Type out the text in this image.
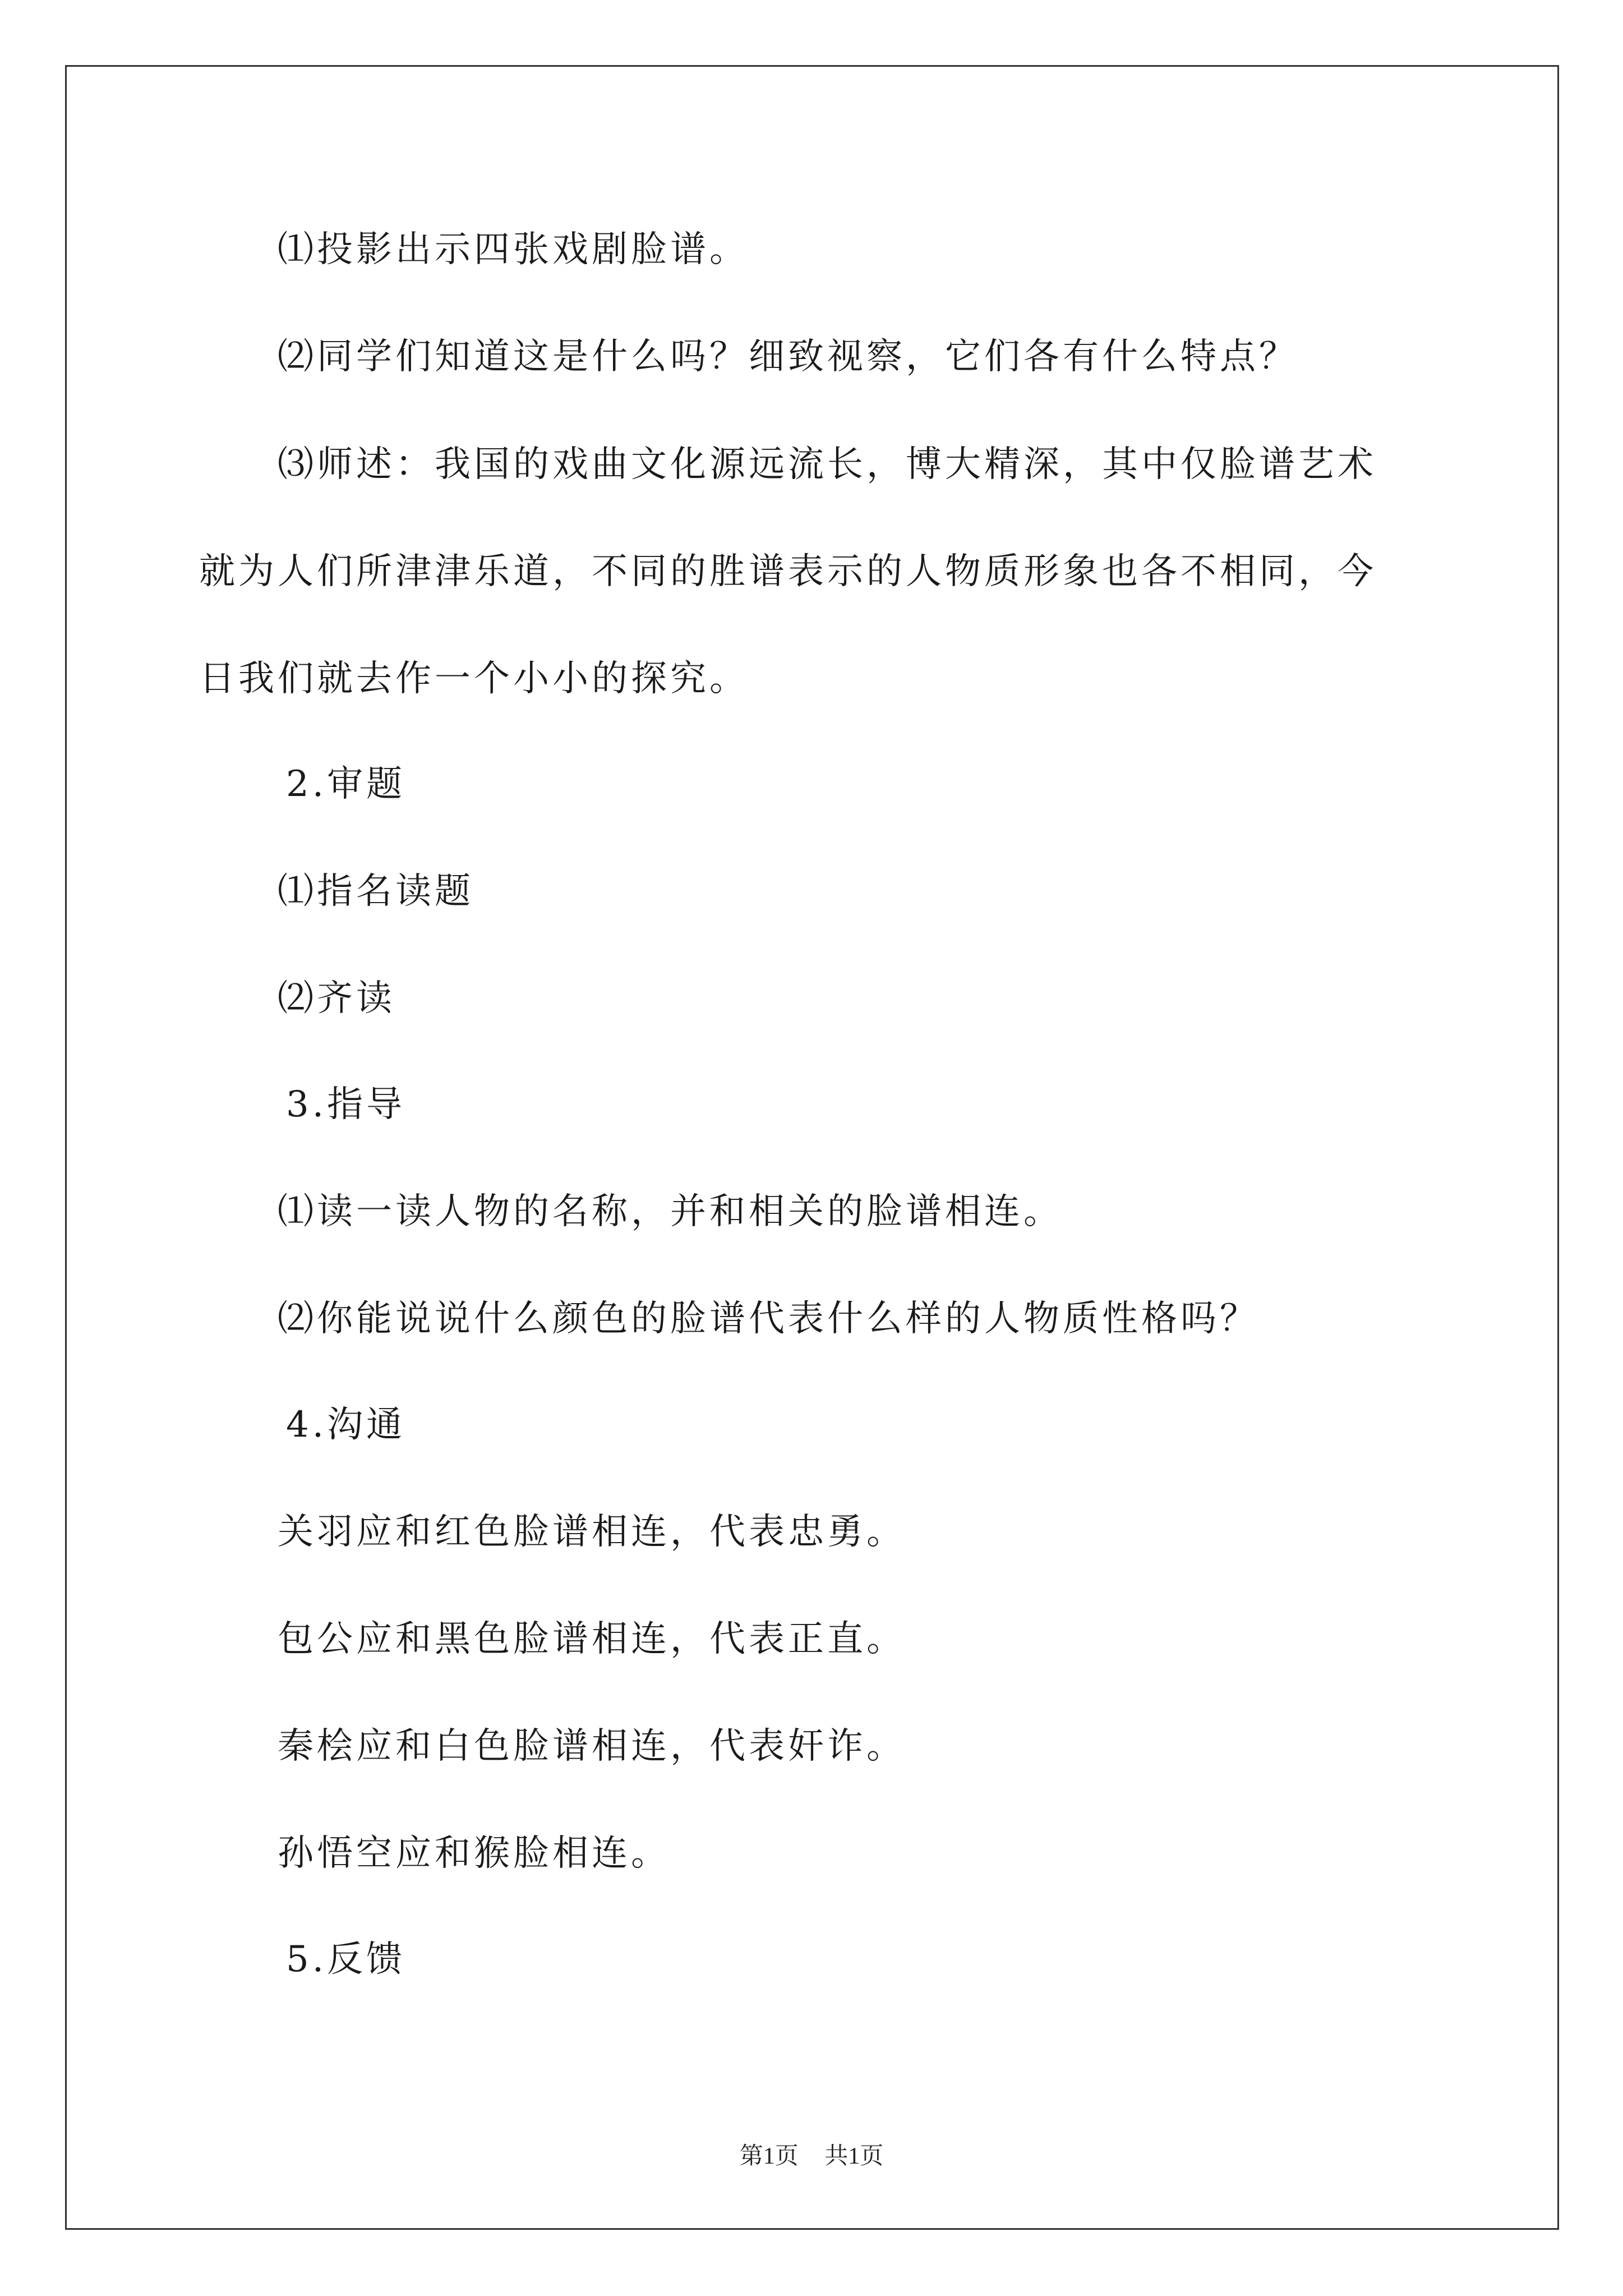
⑴投影出示四张戏剧脸谱。
⑵同学们知道这是什么吗？细致视察，它们各有什么特点？
⑶师述：我国的戏曲文化源远流长，博大精深，其中仅脸谱艺术
就为人们所津津乐道，不同的胜谱表示的人物质形象也各不相同，今
日我们就去作一个小小的探究。
2.审题
⑴指名读题
⑵齐读
3.指导
⑴读一读人物的名称，并和相关的脸谱相连。
⑵你能说说什么颜色的脸谱代表什么样的人物质性格吗？
4.沟通
关羽应和红色脸谱相连，代表忠勇。
包公应和黑色脸谱相连，代表正直。
秦桧应和白色脸谱相连，代表奸诈。
孙悟空应和猴脸相连。
5.反馈
第1页 共1页
